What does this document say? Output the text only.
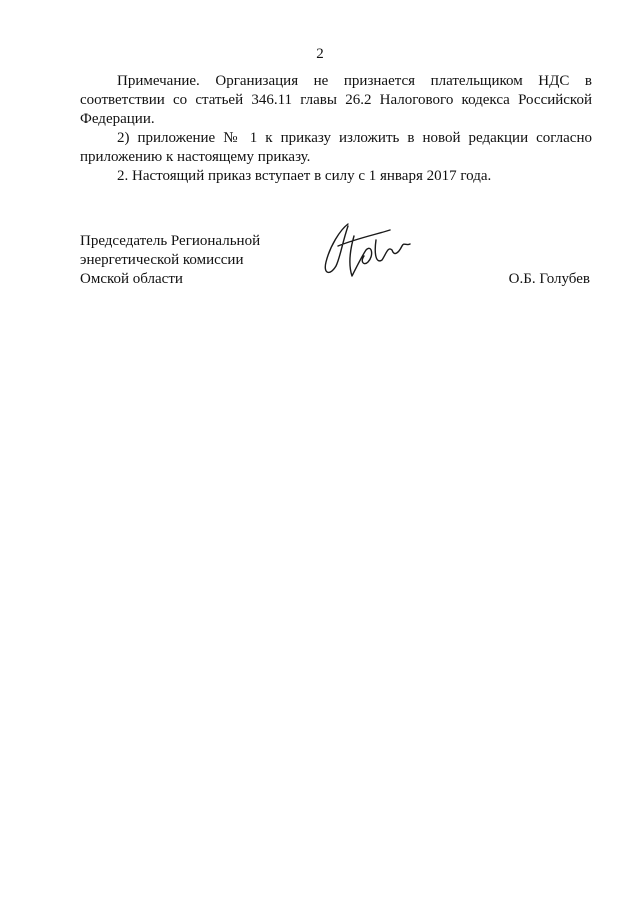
2

Примечание. Организация не признается плательщиком НДС в соответствии со статьей 346.11 главы 26.2 Налогового кодекса Российской Федерации.

2) приложение № 1 к приказу изложить в новой редакции согласно приложению к настоящему приказу.

2. Настоящий приказ вступает в силу с 1 января 2017 года.

Председатель Региональной
энергетической комиссии
Омской области	О.Б. Голубев
